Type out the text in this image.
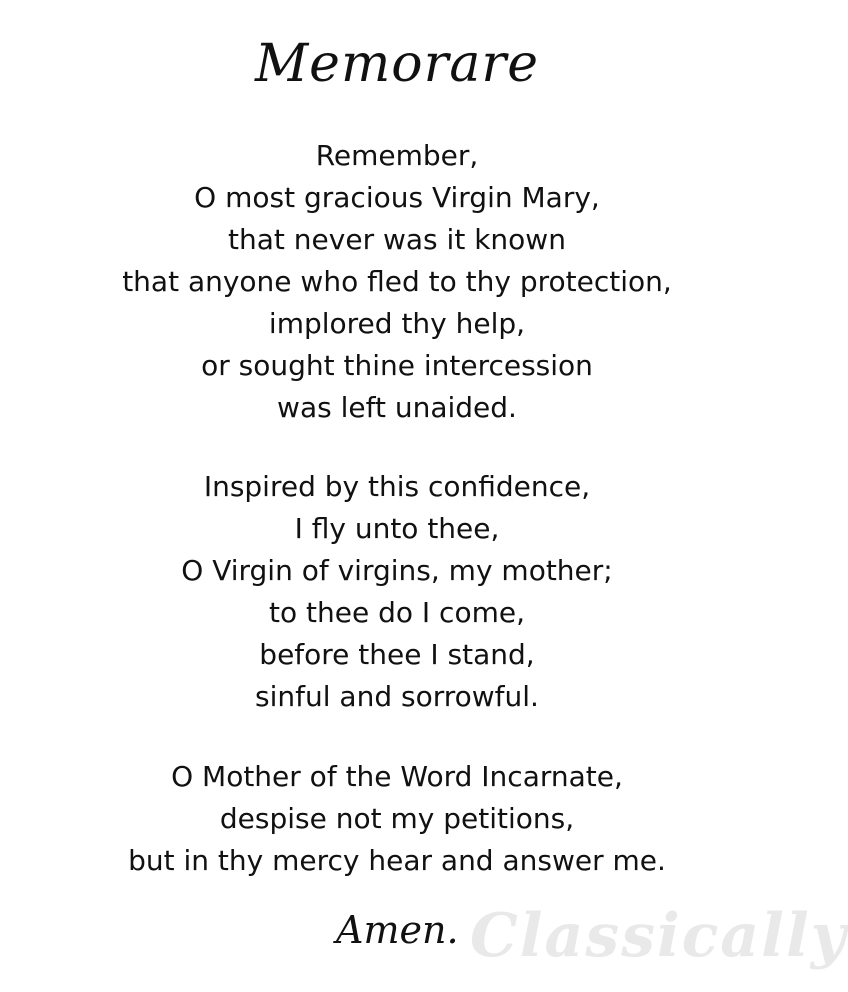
Memorare
Remember,
O most gracious Virgin Mary,
that never was it known
that anyone who fled to thy protection,
implored thy help,
or sought thine intercession
was left unaided.
Inspired by this confidence,
I fly unto thee,
O Virgin of virgins, my mother;
to thee do I come,
before thee I stand,
sinful and sorrowful.
O Mother of the Word Incarnate,
despise not my petitions,
but in thy mercy hear and answer me.
Classically
Amen.
